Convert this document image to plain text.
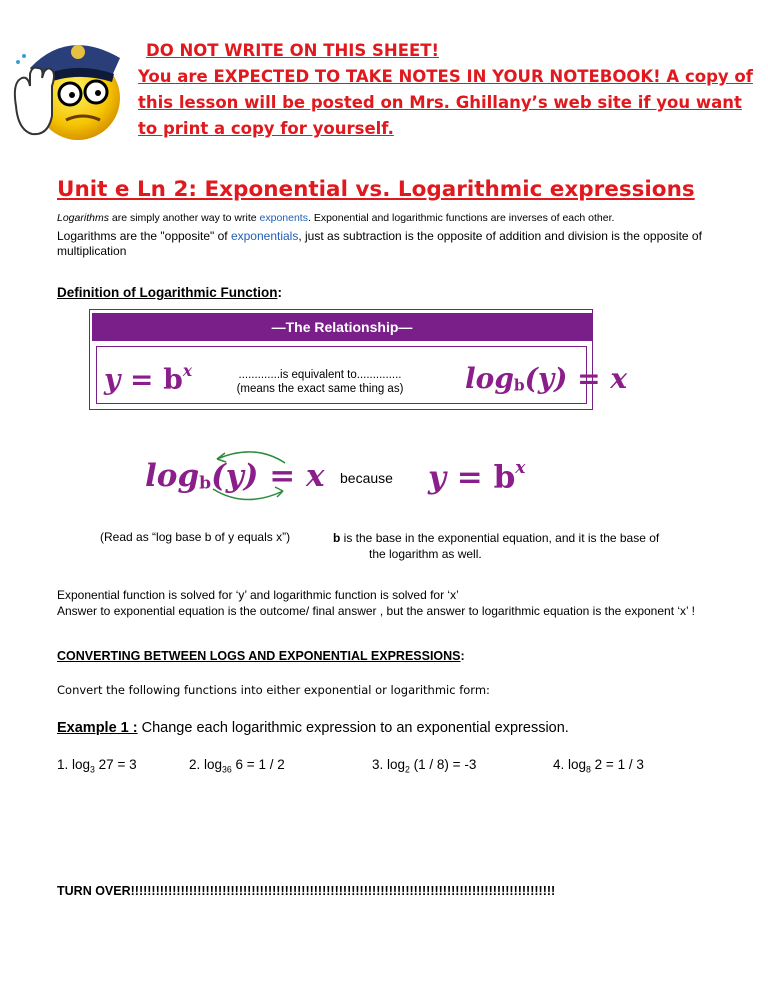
DO NOT WRITE ON THIS SHEET!
You are EXPECTED TO TAKE NOTES IN YOUR NOTEBOOK! A copy of this lesson will be posted on Mrs. Ghillany’s web site if you want to print a copy for yourself.
Unit e Ln 2: Exponential vs. Logarithmic expressions
Logarithms are simply another way to write exponents. Exponential and logarithmic functions are inverses of each other.
Logarithms are the "opposite" of exponentials, just as subtraction is the opposite of addition and division is the opposite of multiplication
Definition of Logarithmic Function:
—The Relationship—
$y = b^x$	.............is equivalent to..............
(means the exact same thing as)	$\log_b(y) = x$
$\log_b(y) = x$ because $y = b^x$
(Read as “log base b of y equals x”)	b is the base in the exponential equation, and it is the base of
the logarithm as well.
Exponential function is solved for ‘y’ and logarithmic function is solved for ‘x’
Answer to exponential equation is the outcome/ final answer , but the answer to logarithmic equation is the exponent ‘x’ !
CONVERTING BETWEEN LOGS AND EXPONENTIAL EXPRESSIONS:
Convert the following functions into either exponential or logarithmic form:
Example 1 : Change each logarithmic expression to an exponential expression.
1. $\log_3 27 = 3$	2. $\log_{36} 6 = 1 / 2$	3. $\log_2 (1 / 8) = -3$	4. $\log_8 2 = 1 / 3$
TURN OVER!!!!!!!!!!!!!!!!!!!!!!!!!!!!!!!!!!!!!!!!!!!!!!!!!!!!!!!!!!!!!!!!!!!!!!!!!!!!!!!!!!!!!!!!!!!!!!!!!!!!!!
